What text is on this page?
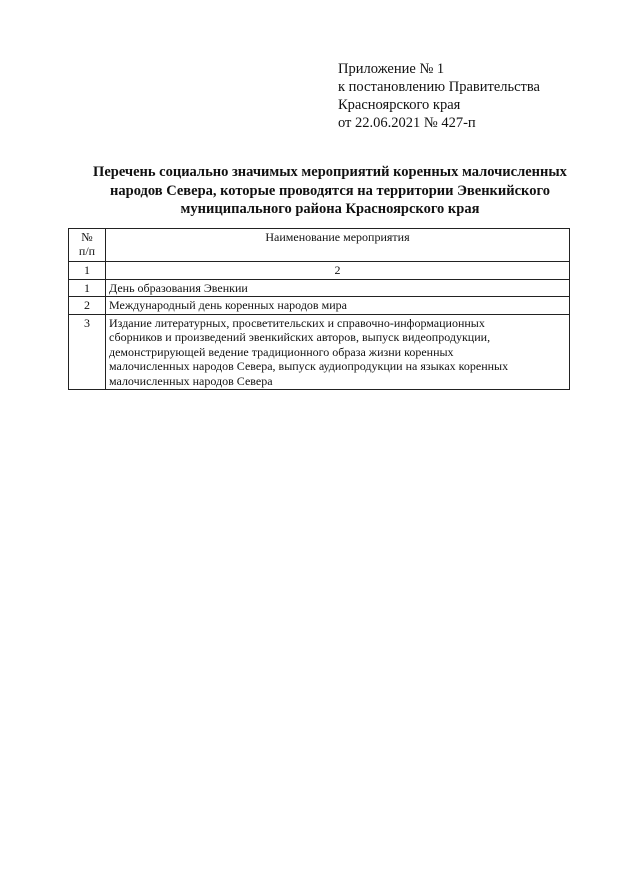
Приложение № 1
к постановлению Правительства
Красноярского края
от 22.06.2021 № 427-п
Перечень социально значимых мероприятий коренных малочисленных
народов Севера, которые проводятся на территории Эвенкийского
муниципального района Красноярского края
№
п/п	Наименование мероприятия
1	2
1	День образования Эвенкии

2	Международный день коренных народов мира

3	Издание литературных, просветительских и справочно-информационных
сборников и произведений эвенкийских авторов, выпуск видеопродукции,
демонстрирующей ведение традиционного образа жизни коренных
малочисленных народов Севера, выпуск аудиопродукции на языках коренных
малочисленных народов Севера
